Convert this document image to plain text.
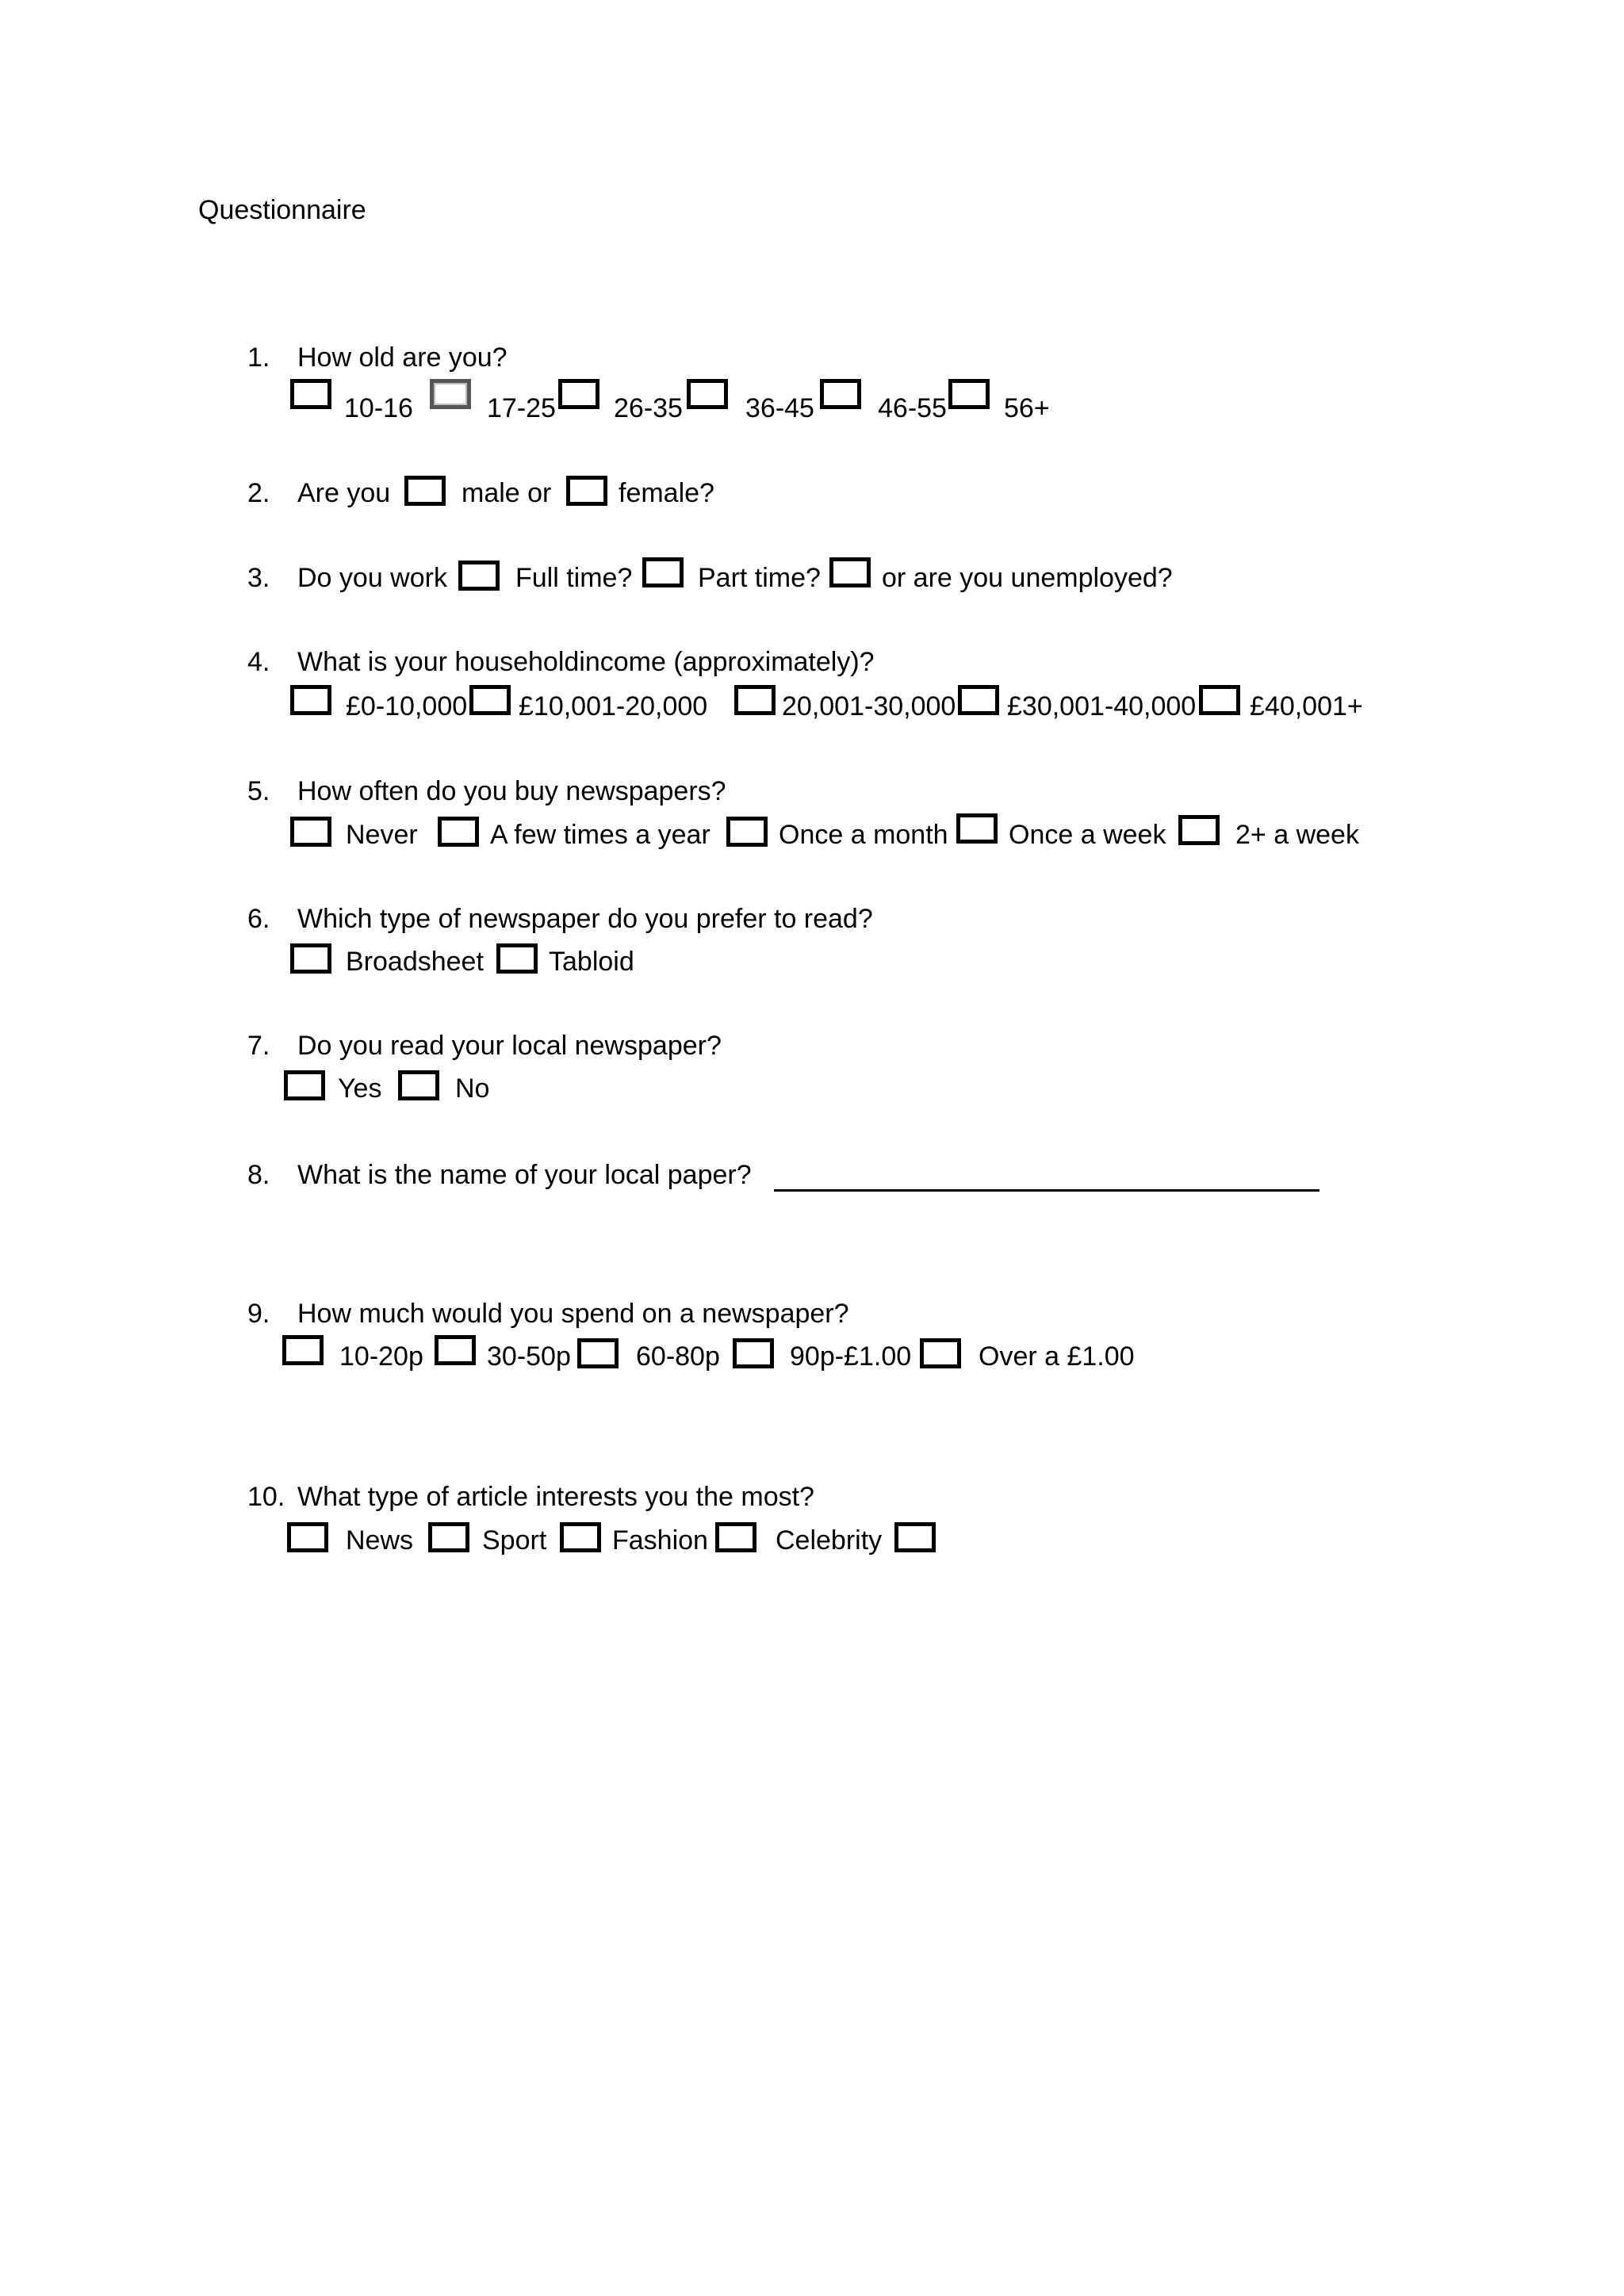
Questionnaire
1. How old are you?
2. Are you
3. Do you work
4. What is your householdincome (approximately)?
5. How often do you buy newspapers?
6. Which type of newspaper do you prefer to read?
7. Do you read your local newspaper?
8. What is the name of your local paper?
9. How much would you spend on a newspaper?
10. What type of article interests you the most?
10-16	17-25 26-35 36-45 46-55 56+
male or female?
Full time? Part time? or are you unemployed?
£0-10,000 £10,001-20,000	20,001-30,000 £30,001-40,000 £40,001+
Never	A few times a year	Once a month Once a week	2+ a week
Broadsheet Tabloid
Yes	No
10-20p 30-50p 60-80p	90p-£1.00 Over a £1.00
News	Sport Fashion	Celebrity
